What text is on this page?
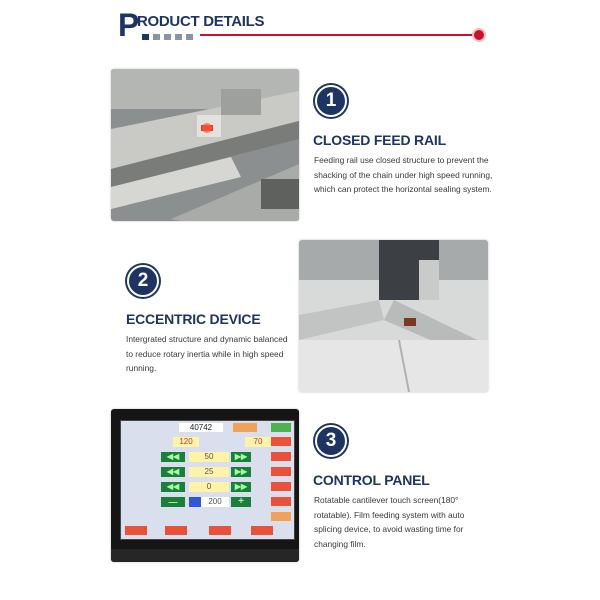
P
RODUCT DETAILS
1
CLOSED FEED RAIL
Feeding rail use closed structure to prevent the shacking of the chain under high speed running, which can protect the horizontal sealing system.
2
ECCENTRIC DEVICE
Intergrated structure and dynamic balanced to reduce rotary inertia while in high speed running.
40742
120	70
◀◀	50	▶▶
◀◀	25	▶▶
◀◀	0	▶▶
—	200	+
3
CONTROL PANEL
Rotatable cantilever touch screen(180° rotatable). Film feeding system with auto splicing device, to avoid wasting time for changing film.
